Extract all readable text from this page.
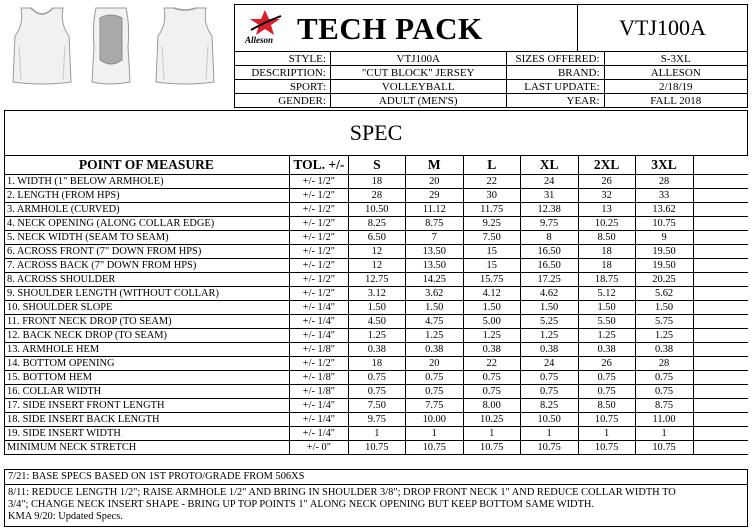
Alleson TECH PACK	VTJ100A
STYLE:	VTJ100A	SIZES OFFERED:	S-3XL
DESCRIPTION:	"CUT BLOCK" JERSEY	BRAND:	ALLESON
SPORT:	VOLLEYBALL	LAST UPDATE:	2/18/19
GENDER:	ADULT (MEN'S)	YEAR:	FALL 2018
SPEC
POINT OF MEASURE	TOL. +/-	S	M	L	XL	2XL	3XL	
1. WIDTH (1" BELOW ARMHOLE)	+/- 1/2"	18	20	22	24	26	28	
2. LENGTH (FROM HPS)	+/- 1/2"	28	29	30	31	32	33	
3. ARMHOLE (CURVED)	+/- 1/2"	10.50	11.12	11.75	12.38	13	13.62	
4. NECK OPENING (ALONG COLLAR EDGE)	+/- 1/2"	8.25	8.75	9.25	9.75	10.25	10.75	
5. NECK WIDTH (SEAM TO SEAM)	+/- 1/2"	6.50	7	7.50	8	8.50	9	
6. ACROSS FRONT (7" DOWN FROM HPS)	+/- 1/2"	12	13.50	15	16.50	18	19.50	
7. ACROSS BACK (7" DOWN FROM HPS)	+/- 1/2"	12	13.50	15	16.50	18	19.50	
8. ACROSS SHOULDER	+/- 1/2"	12.75	14.25	15.75	17.25	18.75	20.25	
9. SHOULDER LENGTH (WITHOUT COLLAR)	+/- 1/2"	3.12	3.62	4.12	4.62	5.12	5.62	
10. SHOULDER SLOPE	+/- 1/4"	1.50	1.50	1.50	1.50	1.50	1.50	
11. FRONT NECK DROP (TO SEAM)	+/- 1/4"	4.50	4.75	5.00	5.25	5.50	5.75	
12. BACK NECK DROP (TO SEAM)	+/- 1/4"	1.25	1.25	1.25	1.25	1.25	1.25	
13. ARMHOLE HEM	+/- 1/8"	0.38	0.38	0.38	0.38	0.38	0.38	
14. BOTTOM OPENING	+/- 1/2"	18	20	22	24	26	28	
15. BOTTOM HEM	+/- 1/8"	0.75	0.75	0.75	0.75	0.75	0.75	
16. COLLAR WIDTH	+/- 1/8"	0.75	0.75	0.75	0.75	0.75	0.75	
17. SIDE INSERT FRONT LENGTH	+/- 1/4"	7.50	7.75	8.00	8.25	8.50	8.75	
18. SIDE INSERT BACK LENGTH	+/- 1/4"	9.75	10.00	10.25	10.50	10.75	11.00	
19. SIDE INSERT WIDTH	+/- 1/4"	1	1	1	1	1	1	
MINIMUM NECK STRETCH	+/- 0"	10.75	10.75	10.75	10.75	10.75	10.75	
7/21: BASE SPECS BASED ON 1ST PROTO/GRADE FROM 506XS
8/11: REDUCE LENGTH 1/2"; RAISE ARMHOLE 1/2" AND BRING IN SHOULDER 3/8"; DROP FRONT NECK 1" AND REDUCE COLLAR WIDTH TO
3/4"; CHANGE NECK INSERT SHAPE - BRING UP TOP POINTS 1" ALONG NECK OPENING BUT KEEP BOTTOM SAME WIDTH.
KMA 9/20: Updated Specs.
